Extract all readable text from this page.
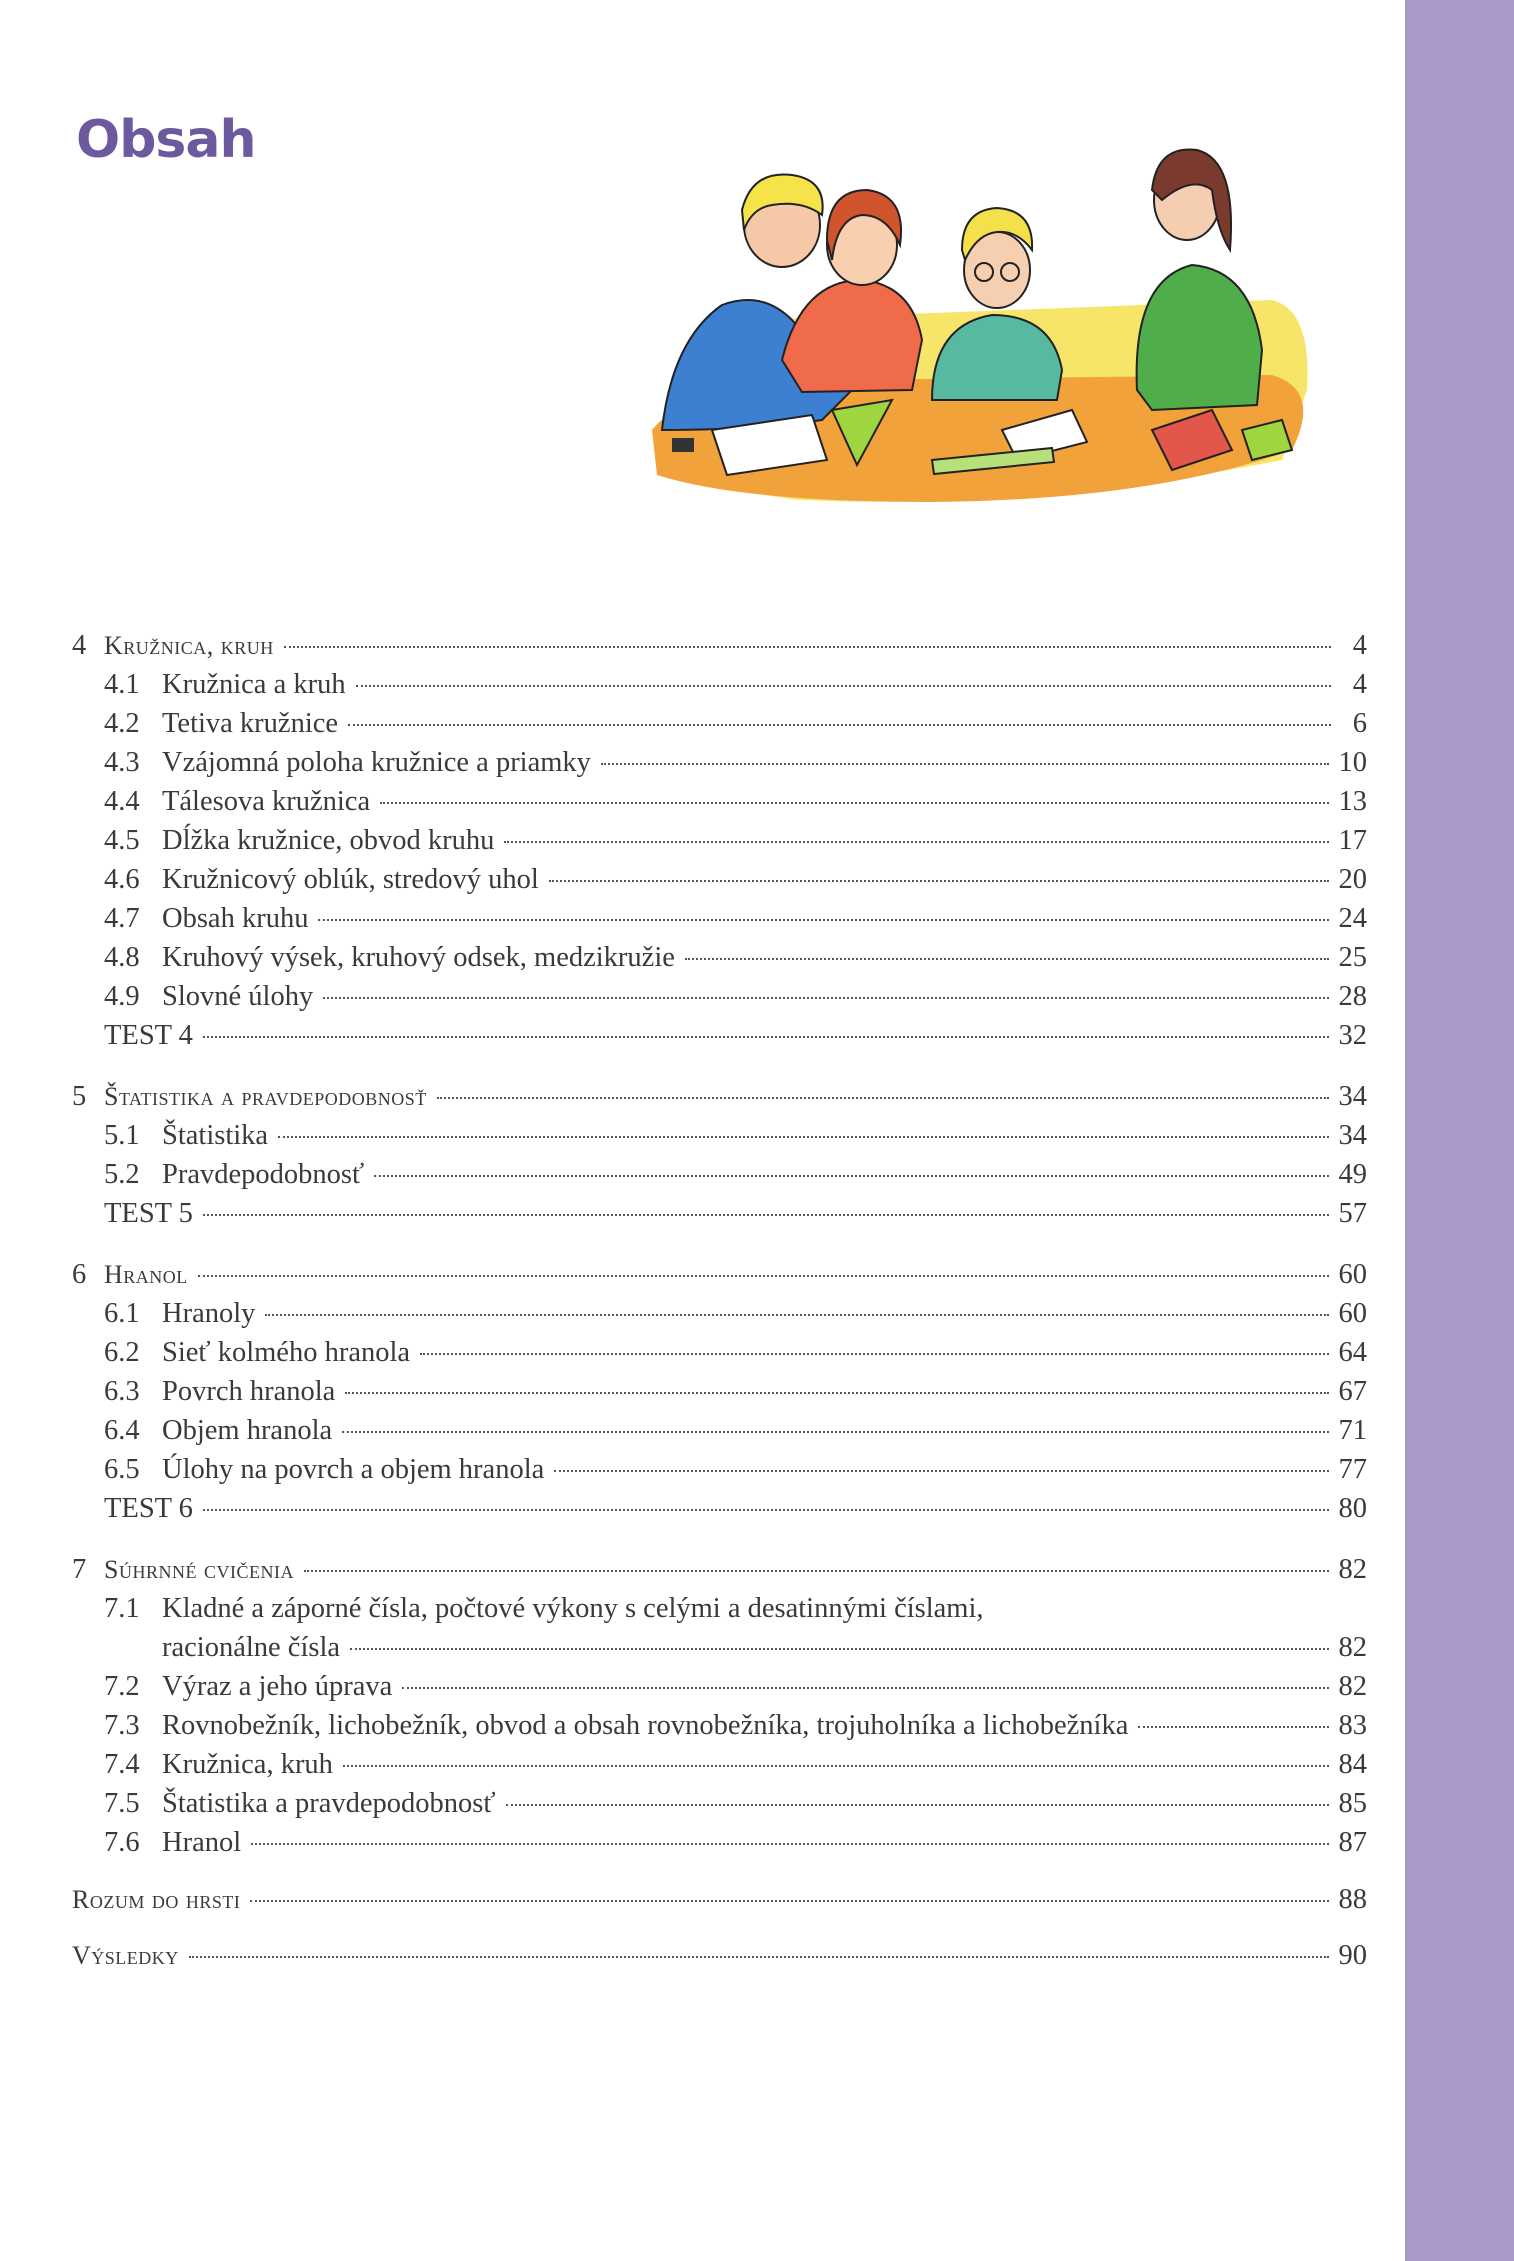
Obsah
4 Kružnica, kruh	4
4.1 Kružnica a kruh	4
4.2 Tetiva kružnice	6
4.3 Vzájomná poloha kružnice a priamky	10
4.4 Tálesova kružnica	13
4.5 Dĺžka kružnice, obvod kruhu	17
4.6 Kružnicový oblúk, stredový uhol	20
4.7 Obsah kruhu	24
4.8 Kruhový výsek, kruhový odsek, medzikružie	25
4.9 Slovné úlohy	28
TEST 4	32
5 Štatistika a pravdepodobnosť	34
5.1 Štatistika	34
5.2 Pravdepodobnosť	49
TEST 5	57
6 Hranol	60
6.1 Hranoly	60
6.2 Sieť kolmého hranola	64
6.3 Povrch hranola	67
6.4 Objem hranola	71
6.5 Úlohy na povrch a objem hranola	77
TEST 6	80
7 Súhrnné cvičenia	82
7.1 Kladné a záporné čísla, počtové výkony s celými a desatinnými číslami,
racionálne čísla	82
7.2 Výraz a jeho úprava	82
7.3 Rovnobežník, lichobežník, obvod a obsah rovnobežníka, trojuholníka a lichobežníka	83
7.4 Kružnica, kruh	84
7.5 Štatistika a pravdepodobnosť	85
7.6 Hranol	87
Rozum do hrsti	88
Výsledky	90
